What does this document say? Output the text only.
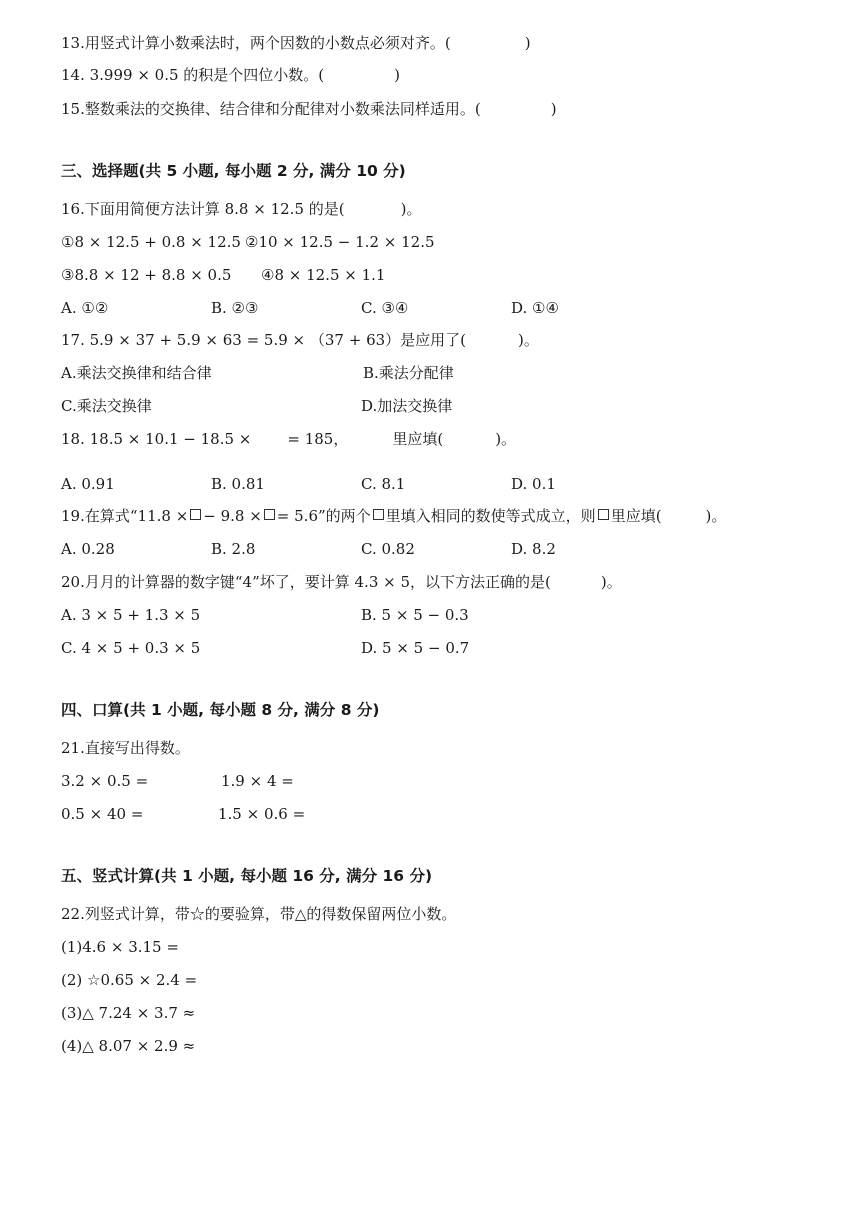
13.用竖式计算小数乘法时，两个因数的小数点必须对齐。(	)
14. 3.999 × 0.5 的积是个四位小数。(	)
15.整数乘法的交换律、结合律和分配律对小数乘法同样适用。(	)
三、选择题(共 5 小题, 每小题 2 分, 满分 10 分)
16.下面用简便方法计算 8.8 × 12.5 的是(	)。
①8 × 12.5 + 0.8 × 12.5 ②10 × 12.5 − 1.2 × 12.5
③8.8 × 12 + 8.8 × 0.5 ④8 × 12.5 × 1.1
A. ①②	B. ②③	C. ③④	D. ①④
17. 5.9 × 37 + 5.9 × 63 = 5.9 × （37 + 63）是应用了(	)。
A.乘法交换律和结合律	B.乘法分配律
C.乘法交换律	D.加法交换律
18. 18.5 × 10.1 − 18.5 × = 185，	里应填(	)。
A. 0.91	B. 0.81	C. 8.1	D. 0.1
19.在算式“11.8 × − 9.8 × = 5.6”的两个 里填入相同的数使等式成立，则 里应填(	)。
A. 0.28	B. 2.8	C. 0.82	D. 8.2
20.月月的计算器的数字键“4”坏了，要计算 4.3 × 5，以下方法正确的是(	)。
A. 3 × 5 + 1.3 × 5	B. 5 × 5 − 0.3
C. 4 × 5 + 0.3 × 5	D. 5 × 5 − 0.7
四、口算(共 1 小题, 每小题 8 分, 满分 8 分)
21.直接写出得数。
3.2 × 0.5 =	1.9 × 4 =
0.5 × 40 =	1.5 × 0.6 =
五、竖式计算(共 1 小题, 每小题 16 分, 满分 16 分)
22.列竖式计算，带☆的要验算，带△的得数保留两位小数。
(1)4.6 × 3.15 =
(2) ☆0.65 × 2.4 =
(3)△ 7.24 × 3.7 ≈
(4)△ 8.07 × 2.9 ≈
